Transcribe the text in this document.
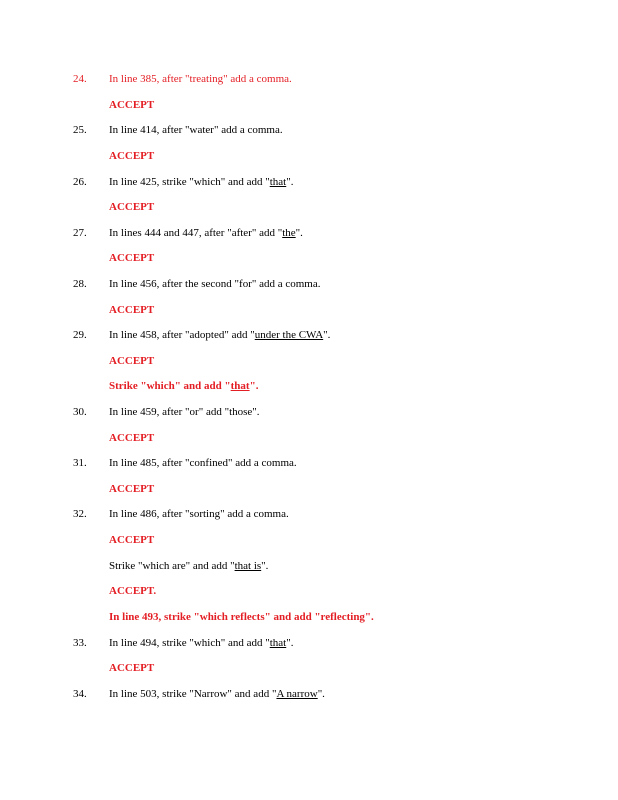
24. In line 385, after "treating" add a comma.
ACCEPT
25. In line 414, after "water" add a comma.
ACCEPT
26. In line 425, strike "which" and add "that".
ACCEPT
27. In lines 444 and 447, after "after" add "the".
ACCEPT
28. In line 456, after the second "for" add a comma.
ACCEPT
29. In line 458, after "adopted" add "under the CWA".
ACCEPT
Strike "which" and add "that".
30. In line 459, after "or" add "those".
ACCEPT
31. In line 485, after "confined" add a comma.
ACCEPT
32. In line 486, after "sorting" add a comma.
ACCEPT
Strike "which are" and add "that is".
ACCEPT.
In line 493, strike "which reflects" and add "reflecting".
33. In line 494, strike "which" and add "that".
ACCEPT
34. In line 503, strike "Narrow" and add "A narrow".
